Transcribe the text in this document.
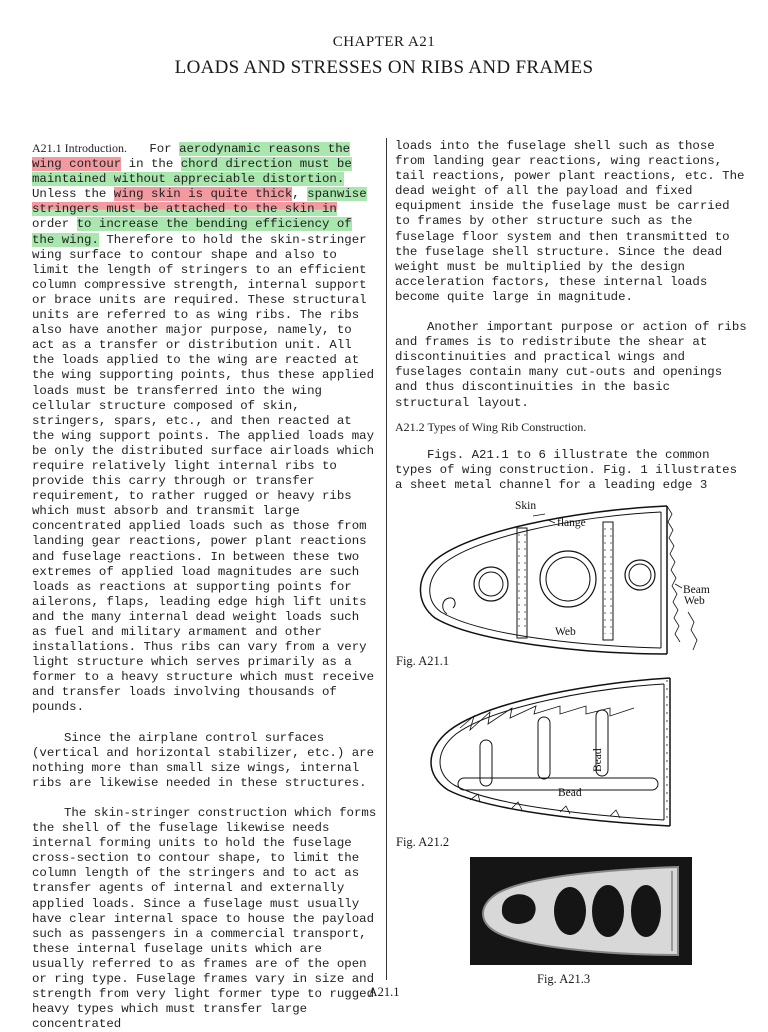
CHAPTER A21
LOADS AND STRESSES ON RIBS AND FRAMES

A21.1 Introduction. For aerodynamic reasons the wing contour in the chord direction must be maintained without appreciable distortion. Unless the wing skin is quite thick, spanwise stringers must be attached to the skin in order to increase the bending efficiency of the wing. Therefore to hold the skin-stringer wing surface to contour shape and also to limit the length of stringers to an efficient column compressive strength, internal support or brace units are required. These structural units are referred to as wing ribs. The ribs also have another major purpose, namely, to act as a transfer or distribution unit. All the loads applied to the wing are reacted at the wing supporting points, thus these applied loads must be transferred into the wing cellular structure composed of skin, stringers, spars, etc., and then reacted at the wing support points. The applied loads may be only the distributed surface airloads which require relatively light internal ribs to provide this carry through or transfer requirement, to rather rugged or heavy ribs which must absorb and transmit large concentrated applied loads such as those from landing gear reactions, power plant reactions and fuselage reactions. In between these two extremes of applied load magnitudes are such loads as reactions at supporting points for ailerons, flaps, leading edge high lift units and the many internal dead weight loads such as fuel and military armament and other installations. Thus ribs can vary from a very light structure which serves primarily as a former to a heavy structure which must receive and transfer loads involving thousands of pounds.

Since the airplane control surfaces (vertical and horizontal stabilizer, etc.) are nothing more than small size wings, internal ribs are likewise needed in these structures.

The skin-stringer construction which forms the shell of the fuselage likewise needs internal forming units to hold the fuselage cross-section to contour shape, to limit the column length of the stringers and to act as transfer agents of internal and externally applied loads. Since a fuselage must usually have clear internal space to house the payload such as passengers in a commercial transport, these internal fuselage units which are usually referred to as frames are of the open or ring type. Fuselage frames vary in size and strength from very light former type to rugged heavy types which must transfer large concentrated

loads into the fuselage shell such as those from landing gear reactions, wing reactions, tail reactions, power plant reactions, etc. The dead weight of all the payload and fixed equipment inside the fuselage must be carried to frames by other structure such as the fuselage floor system and then transmitted to the fuselage shell structure. Since the dead weight must be multiplied by the design acceleration factors, these internal loads become quite large in magnitude.

Another important purpose or action of ribs and frames is to redistribute the shear at discontinuities and practical wings and fuselages contain many cut-outs and openings and thus discontinuities in the basic structural layout.

A21.2 Types of Wing Rib Construction.

Figs. A21.1 to 6 illustrate the common types of wing construction. Fig. 1 illustrates a sheet metal channel for a leading edge 3

Skin
flange
Beam
Web
Web
Fig. A21.1
Bead
Bead
Fig. A21.2
Fig. A21.3
A21.1
